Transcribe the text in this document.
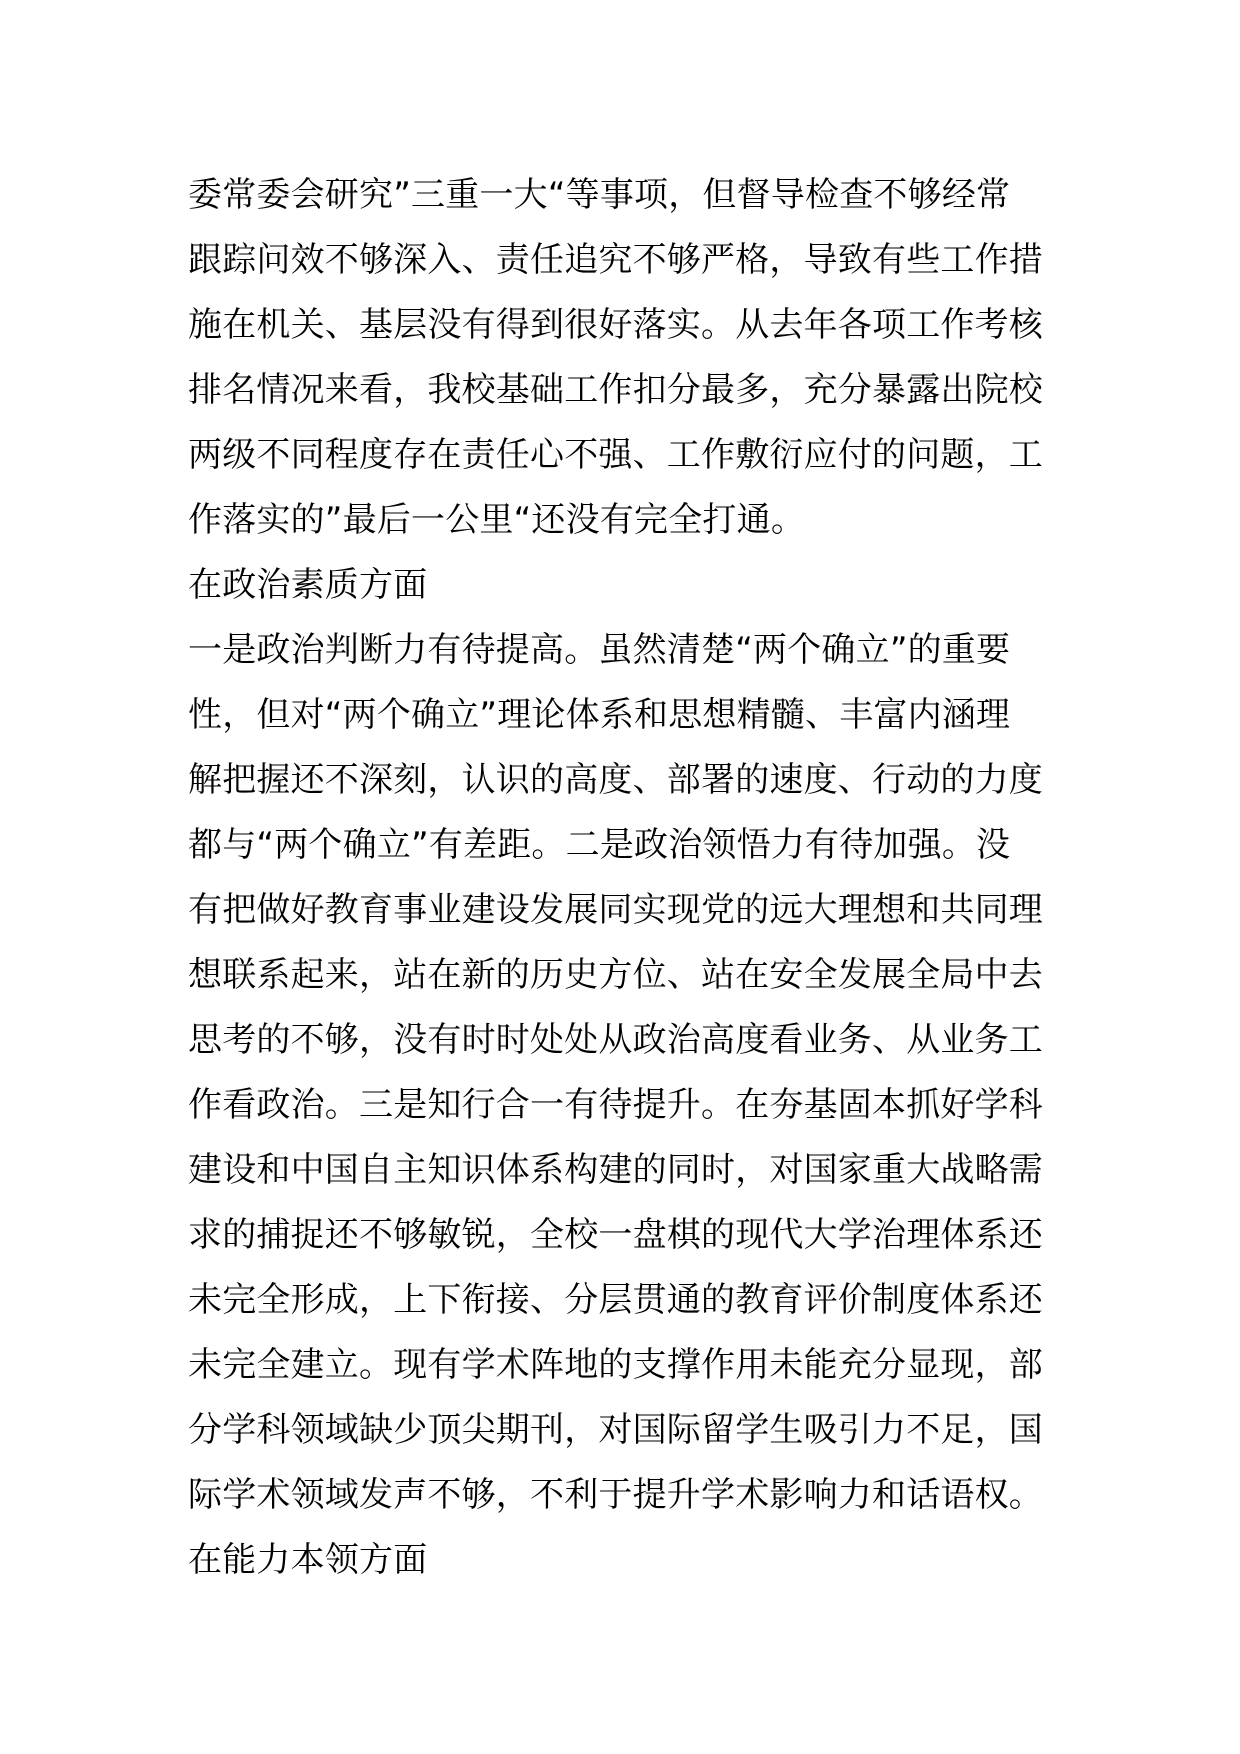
委常委会研究”三重一大“等事项，但督导检查不够经常
跟踪问效不够深入、责任追究不够严格，导致有些工作措
施在机关、基层没有得到很好落实。从去年各项工作考核
排名情况来看，我校基础工作扣分最多，充分暴露出院校
两级不同程度存在责任心不强、工作敷衍应付的问题，工
作落实的”最后一公里“还没有完全打通。
在政治素质方面
一是政治判断力有待提高。虽然清楚“两个确立”的重要
性，但对“两个确立”理论体系和思想精髓、丰富内涵理
解把握还不深刻，认识的高度、部署的速度、行动的力度
都与“两个确立”有差距。二是政治领悟力有待加强。没
有把做好教育事业建设发展同实现党的远大理想和共同理
想联系起来，站在新的历史方位、站在安全发展全局中去
思考的不够，没有时时处处从政治高度看业务、从业务工
作看政治。三是知行合一有待提升。在夯基固本抓好学科
建设和中国自主知识体系构建的同时，对国家重大战略需
求的捕捉还不够敏锐，全校一盘棋的现代大学治理体系还
未完全形成，上下衔接、分层贯通的教育评价制度体系还
未完全建立。现有学术阵地的支撑作用未能充分显现，部
分学科领域缺少顶尖期刊，对国际留学生吸引力不足，国
际学术领域发声不够，不利于提升学术影响力和话语权。
在能力本领方面
